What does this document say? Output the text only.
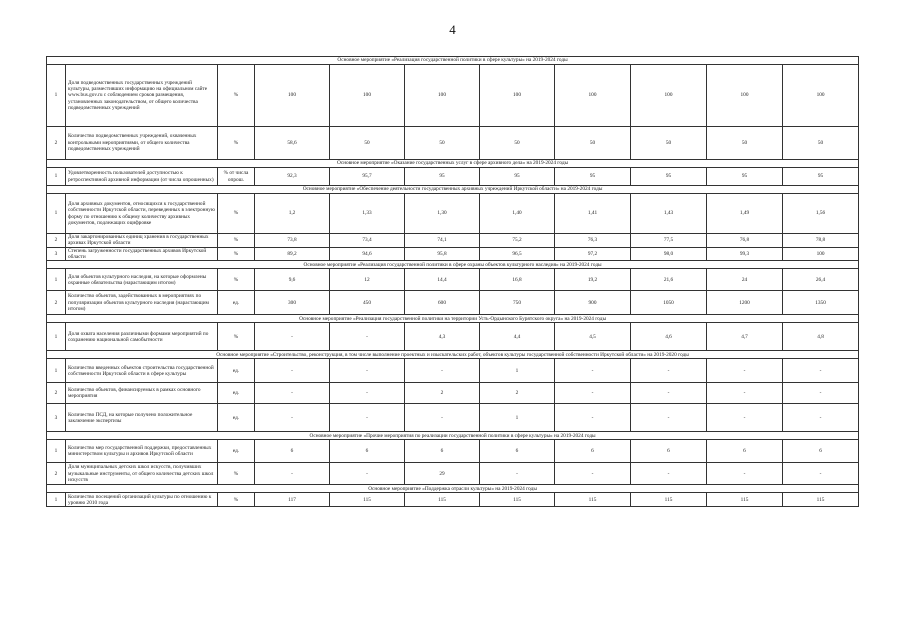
4
Основное мероприятие «Реализация государственной политики в сфере культуры» на 2019-2024 годы										
1	Доля подведомственных государственных учреждений культуры, разместивших информацию на официальном сайте www.bus.gov.ru с соблюдением сроков размещения, установленных законодательством, от общего количества подведомственных учреждений	%	100	100	100	100	100	100	100	100
2	Количество подведомственных учреждений, охваченных контрольными мероприятиями, от общего количества подведомственных учреждений	%	58,6	50	50	50	50	50	50	50
Основное мероприятие «Оказание государственных услуг в сфере архивного дела» на 2019-2024 годы										
1	Удовлетворенность пользователей доступностью к ретроспективной архивной информации (от числа опрошенных)	% от числа опрош.	92,3	95,7	95	95	95	95	95	95
Основное мероприятие «Обеспечение деятельности государственных архивных учреждений Иркутской области» на 2019-2024 годы										
1	Доля архивных документов, относящихся к государственной собственности Иркутской области, переведенных в электронную форму по отношению к общему количеству архивных документов, подлежащих оцифровке	%	1,2	1,33	1,30	1,40	1,41	1,43	1,49	1,56
2	Доля закартонированных единиц хранения в государственных архивах Иркутской области	%	73,8	73,4	74,1	75,2	76,3	77,5	76,8	78,8
3	Степень загруженности государственных архивов Иркутской области	%	89,2	94,6	95,8	96,5	97,2	98,0	99,3	100
Основное мероприятие «Реализация государственной политики в сфере охраны объектов культурного наследия» на 2019-2024 годы										
1	Доля объектов культурного наследия, на которые оформлены охранные обязательства (нарастающим итогом)	%	9,6	12	14,4	16,8	19,2	21,6	24	26,4
2	Количество объектов, задействованных в мероприятиях по популяризации объектов культурного наследия (нарастающим итогом)	ед.	300	450	600	750	900	1050	1200	1350
Основное мероприятие «Реализация государственной политики на территории Усть-Ордынского Бурятского округа» на 2019-2024 годы										
1	Доля охвата населения различными формами мероприятий по сохранению национальной самобытности	%	-	-	4,3	4,4	4,5	4,6	4,7	4,8
Основное мероприятие «Строительство, реконструкция, в том числе выполнение проектных и изыскательских работ, объектов культуры государственной собственности Иркутской области» на 2019-2020 годы										
1	Количество введенных объектов строительства государственной собственности Иркутской области в сфере культуры	ед.	-	-	-	1	-	-	-	-
2	Количество объектов, финансируемых в рамках основного мероприятия	ед.	-	-	2	2	-	-	-	-
3	Количество ПСД, на которые получено положительное заключение экспертизы	ед.	-	-	-	1	-	-	-	-
Основное мероприятие «Прочие мероприятия по реализации государственной политики в сфере культуры» на 2019-2024 годы										
1	Количество мер государственной поддержки, предоставленных министерством культуры и архивов Иркутской области	ед.	6	6	6	6	6	6	6	6
2	Доля муниципальных детских школ искусств, получивших музыкальные инструменты, от общего количества детских школ искусств	%	-	-	29	-	-	-	-	-
Основное мероприятие «Поддержка отрасли культуры» на 2019-2024 годы										
1	Количество посещений организаций культуры по отношению к уровню 2010 года	%	117	115	115	115	115	115	115	115
